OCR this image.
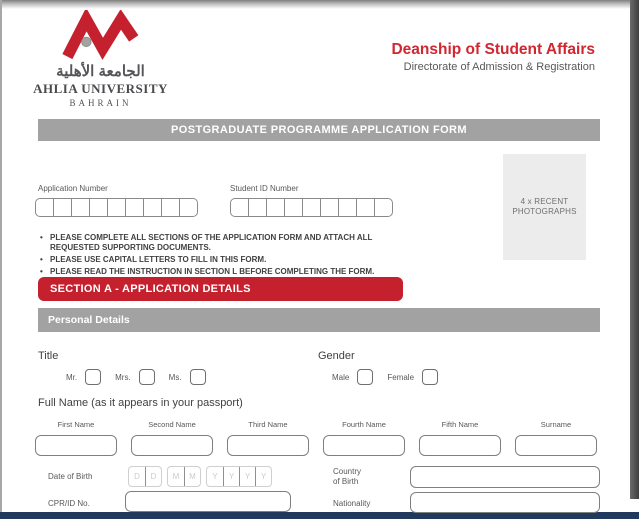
الجامعة الأهلية
AHLIA UNIVERSITY
BAHRAIN
Deanship of Student Affairs
Directorate of Admission & Registration
POSTGRADUATE PROGRAMME APPLICATION FORM
4 x RECENT
PHOTOGRAPHS
Application Number	Student ID Number
• PLEASE COMPLETE ALL SECTIONS OF THE APPLICATION FORM AND ATTACH ALL REQUESTED SUPPORTING DOCUMENTS.
• PLEASE USE CAPITAL LETTERS TO FILL IN THIS FORM.
• PLEASE READ THE INSTRUCTION IN SECTION L BEFORE COMPLETING THE FORM.
SECTION A - APPLICATION DETAILS
Personal Details
Title
Mr.	Mrs.	Ms.
Gender
Male	Female
Full Name (as it appears in your passport)
First Name	Second Name	Third Name	Fourth Name	Fifth Name	Surname
Date of Birth	D	D	M	M	Y	Y	Y	Y
CPR/ID No.
Country
of Birth
Nationality
